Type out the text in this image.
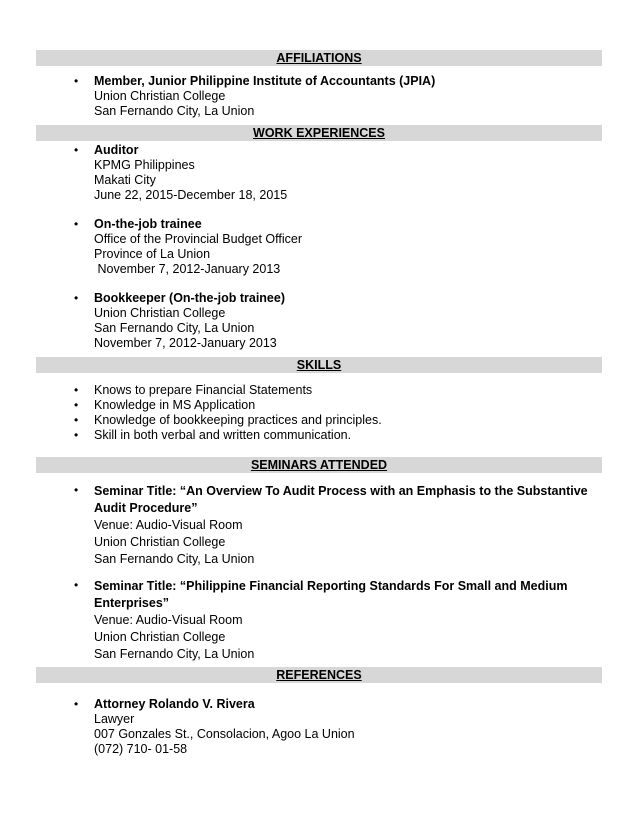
AFFILIATIONS
• Member, Junior Philippine Institute of Accountants (JPIA)
Union Christian College
San Fernando City, La Union
WORK EXPERIENCES
• Auditor
KPMG Philippines
Makati City
June 22, 2015-December 18, 2015
• On-the-job trainee
Office of the Provincial Budget Officer
Province of La Union
November 7, 2012-January 2013
• Bookkeeper (On-the-job trainee)
Union Christian College
San Fernando City, La Union
November 7, 2012-January 2013
SKILLS
• Knows to prepare Financial Statements
• Knowledge in MS Application
• Knowledge of bookkeeping practices and principles.
• Skill in both verbal and written communication.
SEMINARS ATTENDED
• Seminar Title: “An Overview To Audit Process with an Emphasis to the Substantive Audit Procedure”
Venue: Audio-Visual Room
Union Christian College
San Fernando City, La Union
• Seminar Title: “Philippine Financial Reporting Standards For Small and Medium Enterprises”
Venue: Audio-Visual Room
Union Christian College
San Fernando City, La Union
REFERENCES
• Attorney Rolando V. Rivera
Lawyer
007 Gonzales St., Consolacion, Agoo La Union
(072) 710- 01-58
